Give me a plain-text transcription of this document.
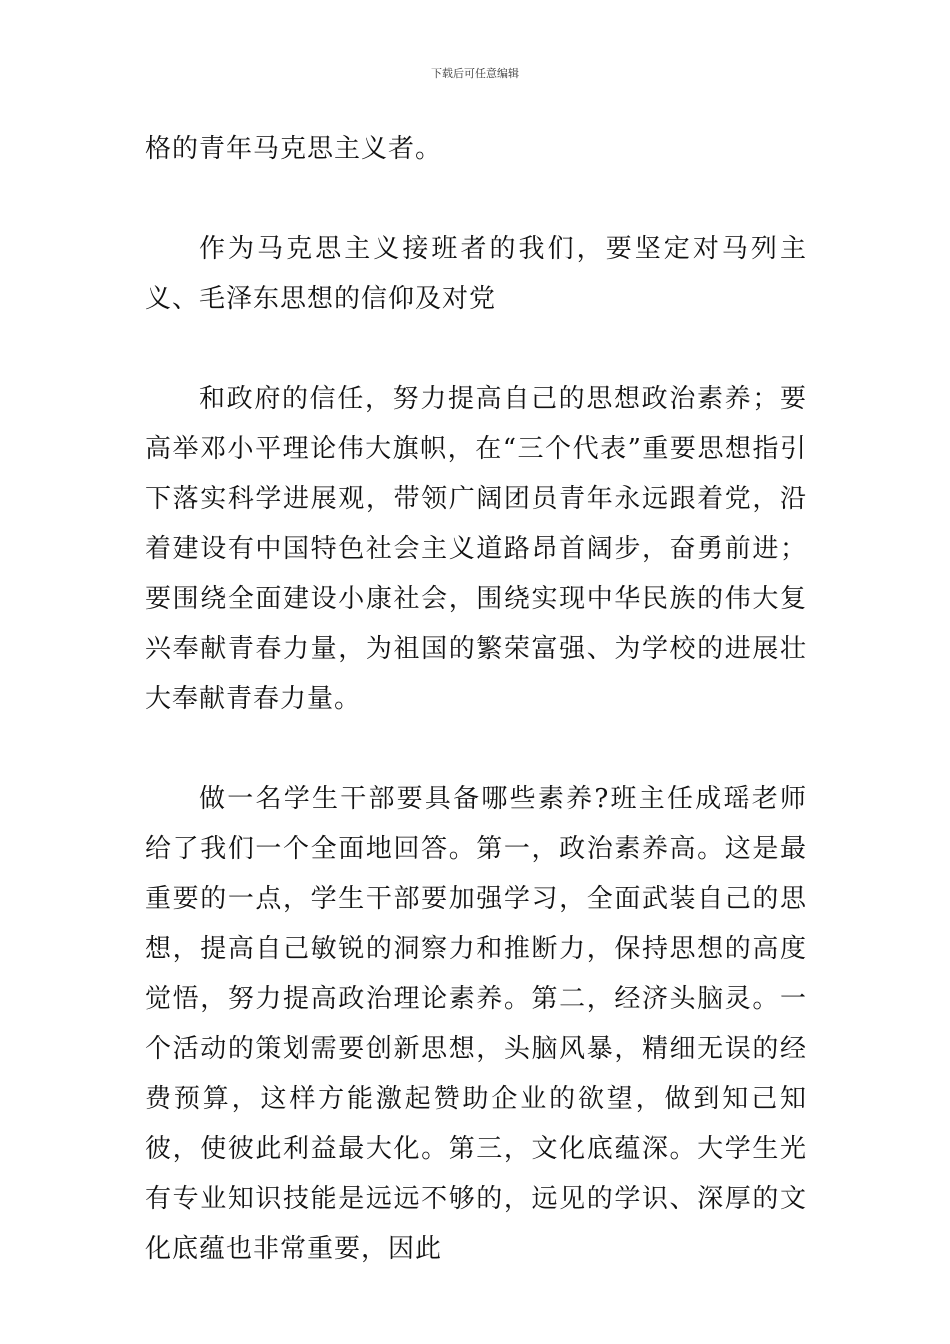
下载后可任意编辑

格的青年马克思主义者。

作为马克思主义接班者的我们，要坚定对马列主义、毛泽东思想的信仰及对党

和政府的信任，努力提高自己的思想政治素养；要高举邓小平理论伟大旗帜，在“三个代表”重要思想指引下落实科学进展观，带领广阔团员青年永远跟着党，沿着建设有中国特色社会主义道路昂首阔步，奋勇前进；要围绕全面建设小康社会，围绕实现中华民族的伟大复兴奉献青春力量，为祖国的繁荣富强、为学校的进展壮大奉献青春力量。

做一名学生干部要具备哪些素养?班主任成瑶老师给了我们一个全面地回答。第一，政治素养高。这是最重要的一点，学生干部要加强学习，全面武装自己的思想，提高自己敏锐的洞察力和推断力，保持思想的高度觉悟，努力提高政治理论素养。第二，经济头脑灵。一个活动的策划需要创新思想，头脑风暴，精细无误的经费预算，这样方能激起赞助企业的欲望，做到知己知彼，使彼此利益最大化。第三，文化底蕴深。大学生光有专业知识技能是远远不够的，远见的学识、深厚的文化底蕴也非常重要，因此
